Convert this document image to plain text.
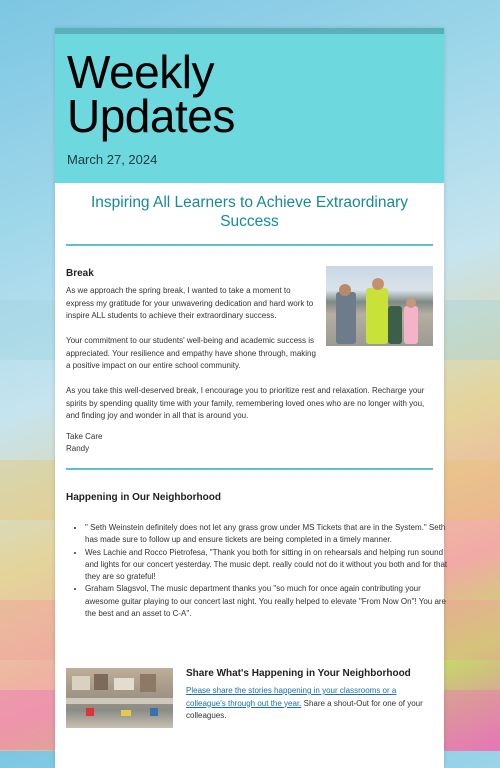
Weekly
Updates
March 27, 2024
Inspiring All Learners to Achieve Extraordinary Success
Break
As we approach the spring break, I wanted to take a moment to express my gratitude for your unwavering dedication and hard work to inspire ALL students to achieve their extraordinary success.
Your commitment to our students' well-being and academic success is appreciated. Your resilience and empathy have shone through, making a positive impact on our entire school community.
As you take this well-deserved break, I encourage you to prioritize rest and relaxation. Recharge your spirits by spending quality time with your family, remembering loved ones who are no longer with you, and finding joy and wonder in all that is around you.
Take Care
Randy
Happening in Our Neighborhood
• " Seth Weinstein definitely does not let any grass grow under MS Tickets that are in the System." Seth has made sure to follow up and ensure tickets are being completed in a timely manner.
• Wes Lachie and Rocco Pietrofesa, "Thank you both for sitting in on rehearsals and helping run sound and lights for our concert yesterday. The music dept. really could not do it without you both and for that they are so grateful!
• Graham Slagsvol, The music department thanks you "so much for once again contributing your awesome guitar playing to our concert last night. You really helped to elevate "From Now On"! You are the best and an asset to C-A".
Share What's Happening in Your Neighborhood
Please share the stories happening in your classrooms or a colleague's through out the year. Share a shout-Out for one of your colleagues.
